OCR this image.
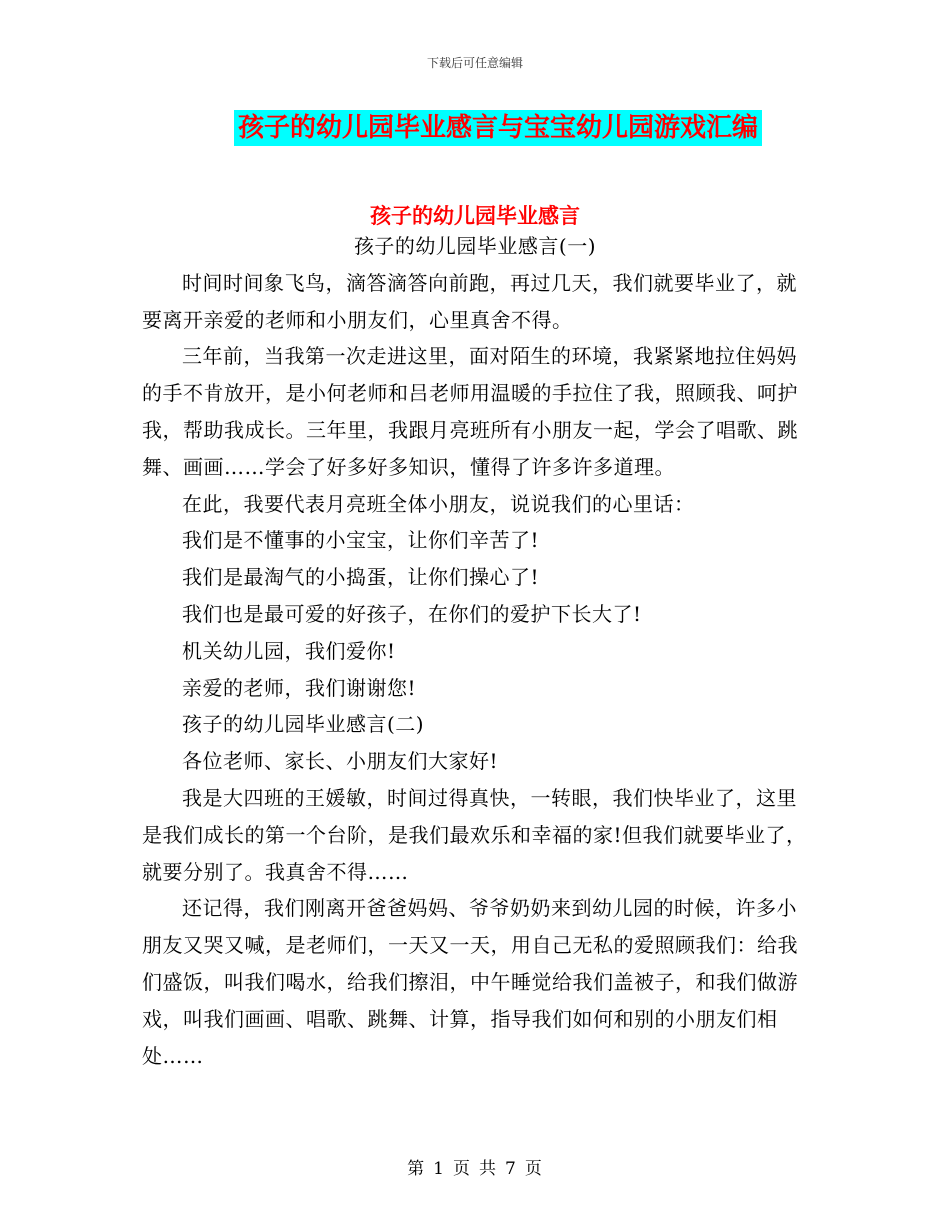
下载后可任意编辑
孩子的幼儿园毕业感言与宝宝幼儿园游戏汇编
孩子的幼儿园毕业感言

孩子的幼儿园毕业感言(一)

时间时间象飞鸟，滴答滴答向前跑，再过几天，我们就要毕业了，就要离开亲爱的老师和小朋友们，心里真舍不得。

三年前，当我第一次走进这里，面对陌生的环境，我紧紧地拉住妈妈的手不肯放开，是小何老师和吕老师用温暖的手拉住了我，照顾我、呵护我，帮助我成长。三年里，我跟月亮班所有小朋友一起，学会了唱歌、跳舞、画画……学会了好多好多知识，懂得了许多许多道理。

在此，我要代表月亮班全体小朋友，说说我们的心里话：

我们是不懂事的小宝宝，让你们辛苦了!

我们是最淘气的小捣蛋，让你们操心了!

我们也是最可爱的好孩子，在你们的爱护下长大了!

机关幼儿园，我们爱你!

亲爱的老师，我们谢谢您!

孩子的幼儿园毕业感言(二)

各位老师、家长、小朋友们大家好!

我是大四班的王媛敏，时间过得真快，一转眼，我们快毕业了，这里是我们成长的第一个台阶，是我们最欢乐和幸福的家!但我们就要毕业了，就要分别了。我真舍不得……

还记得，我们刚离开爸爸妈妈、爷爷奶奶来到幼儿园的时候，许多小朋友又哭又喊，是老师们，一天又一天，用自己无私的爱照顾我们：给我们盛饭，叫我们喝水，给我们擦泪，中午睡觉给我们盖被子，和我们做游戏，叫我们画画、唱歌、跳舞、计算，指导我们如何和别的小朋友们相处……

第 1 页 共 7 页
